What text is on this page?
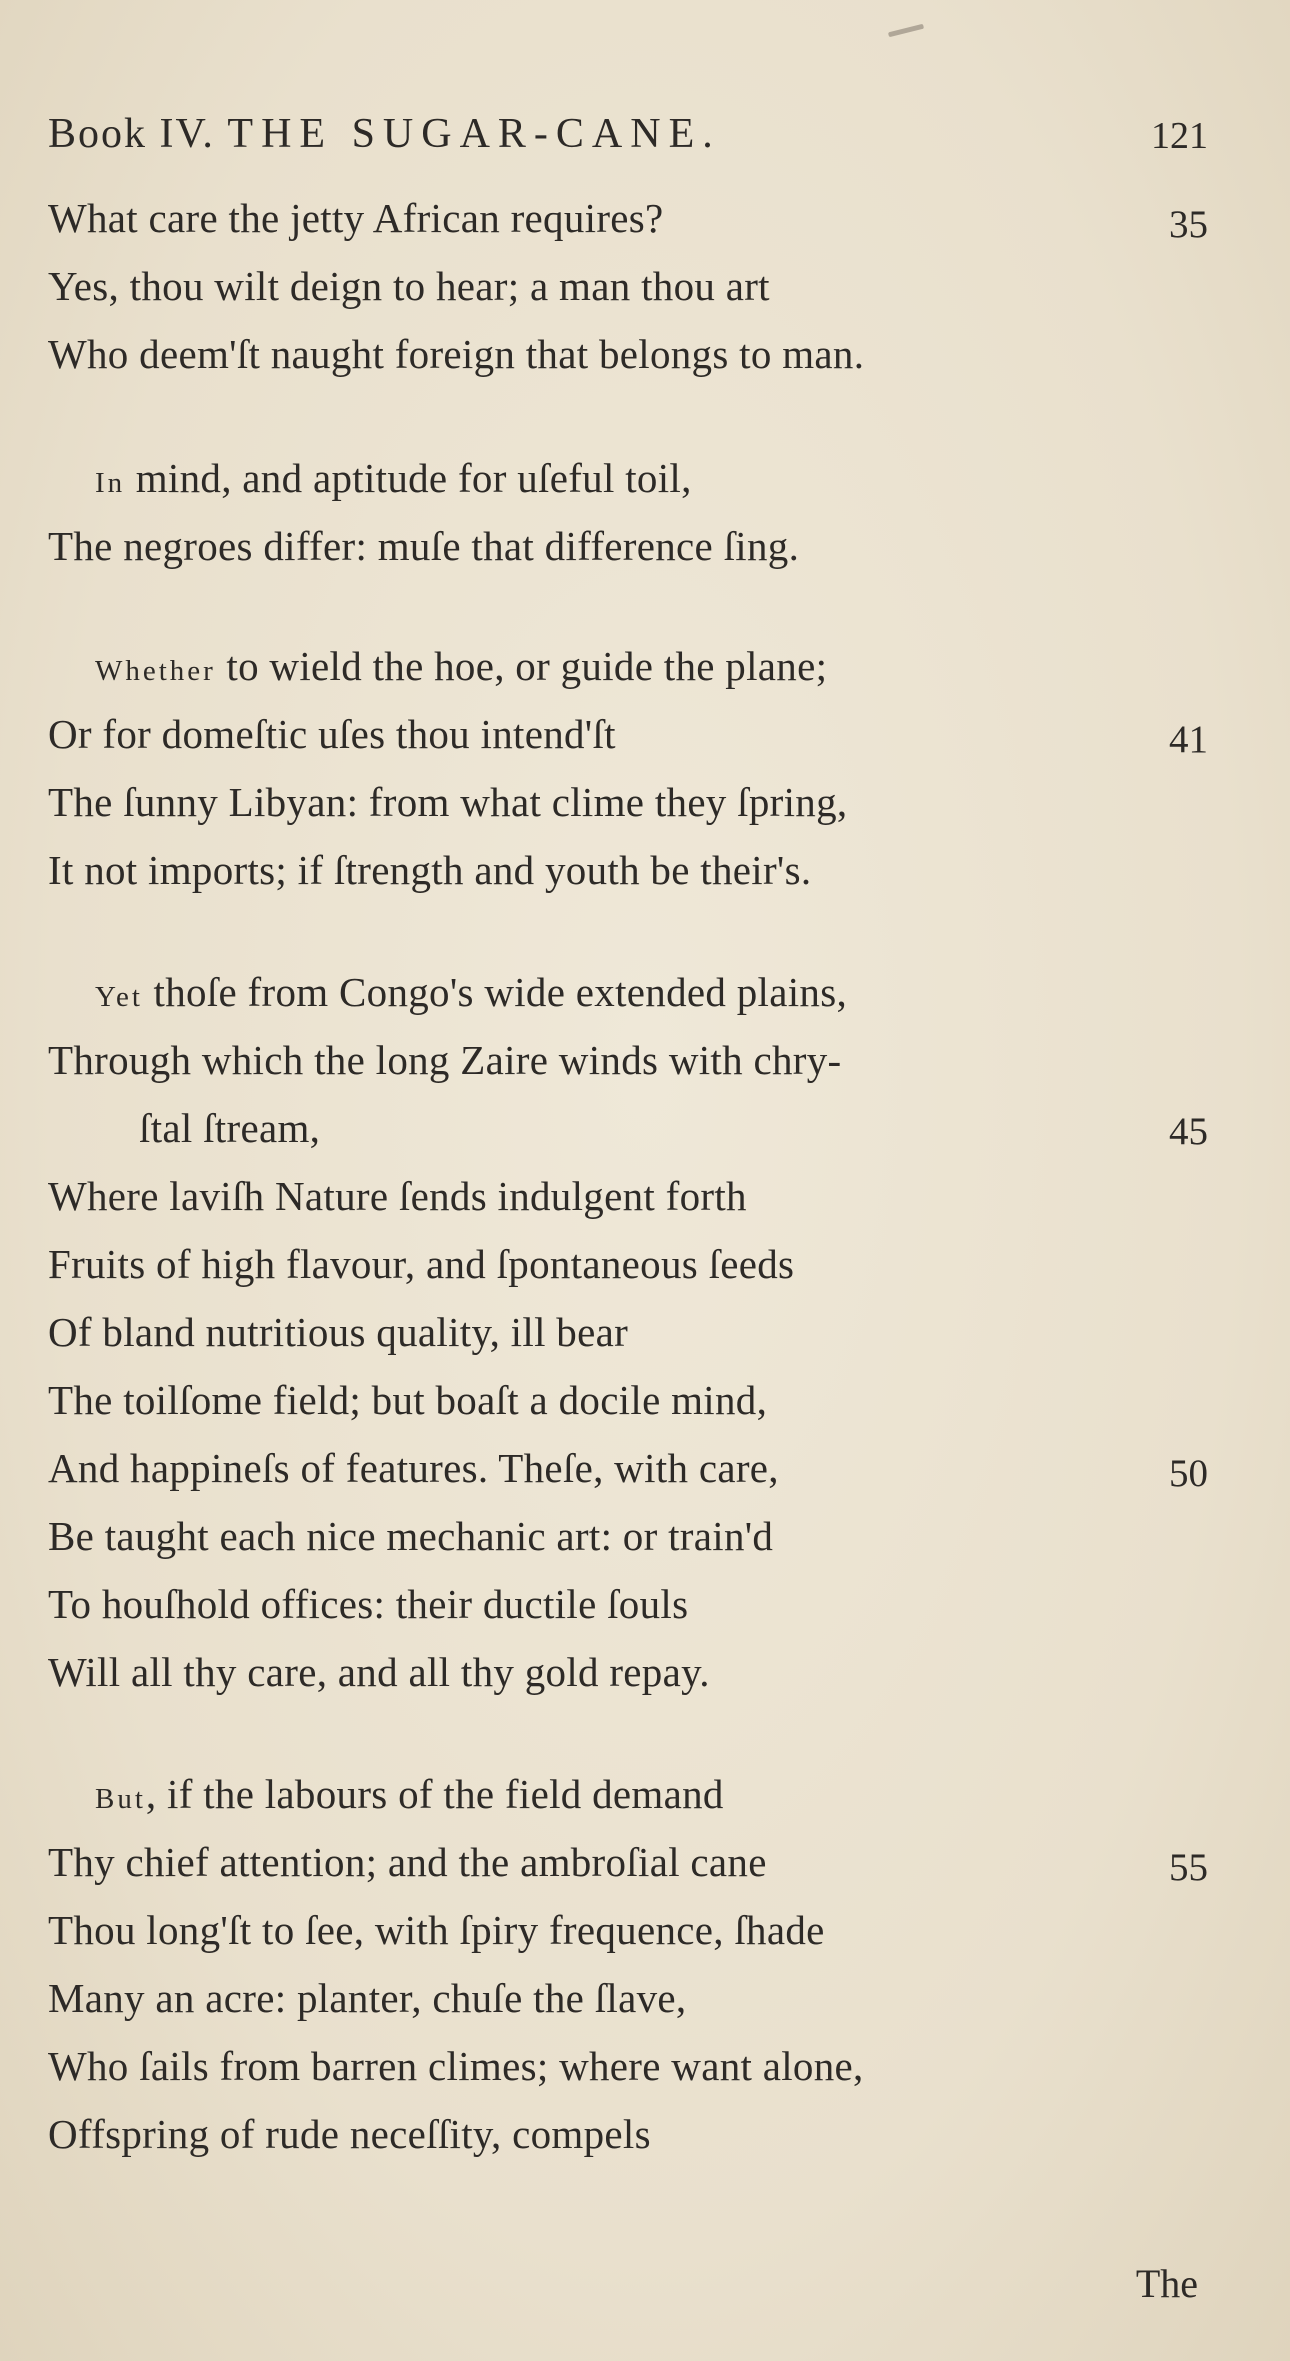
Book IV. THE SUGAR-CANE.	121
What care the jetty African requires?	35
Yes, thou wilt deign to hear; a man thou art
Who deem'ſt naught foreign that belongs to man.
In mind, and aptitude for uſeful toil,
The negroes differ: muſe that difference ſing.
Whether to wield the hoe, or guide the plane;
Or for domeſtic uſes thou intend'ſt	41
The ſunny Libyan: from what clime they ſpring,
It not imports; if ſtrength and youth be their's.
Yet thoſe from Congo's wide extended plains,
Through which the long Zaire winds with chry-
ſtal ſtream,	45
Where laviſh Nature ſends indulgent forth
Fruits of high flavour, and ſpontaneous ſeeds
Of bland nutritious quality, ill bear
The toilſome field; but boaſt a docile mind,
And happineſs of features. Theſe, with care,	50
Be taught each nice mechanic art: or train'd
To houſhold offices: their ductile ſouls
Will all thy care, and all thy gold repay.
But, if the labours of the field demand
Thy chief attention; and the ambroſial cane	55
Thou long'ſt to ſee, with ſpiry frequence, ſhade
Many an acre: planter, chuſe the ſlave,
Who ſails from barren climes; where want alone,
Offspring of rude neceſſity, compels
The
